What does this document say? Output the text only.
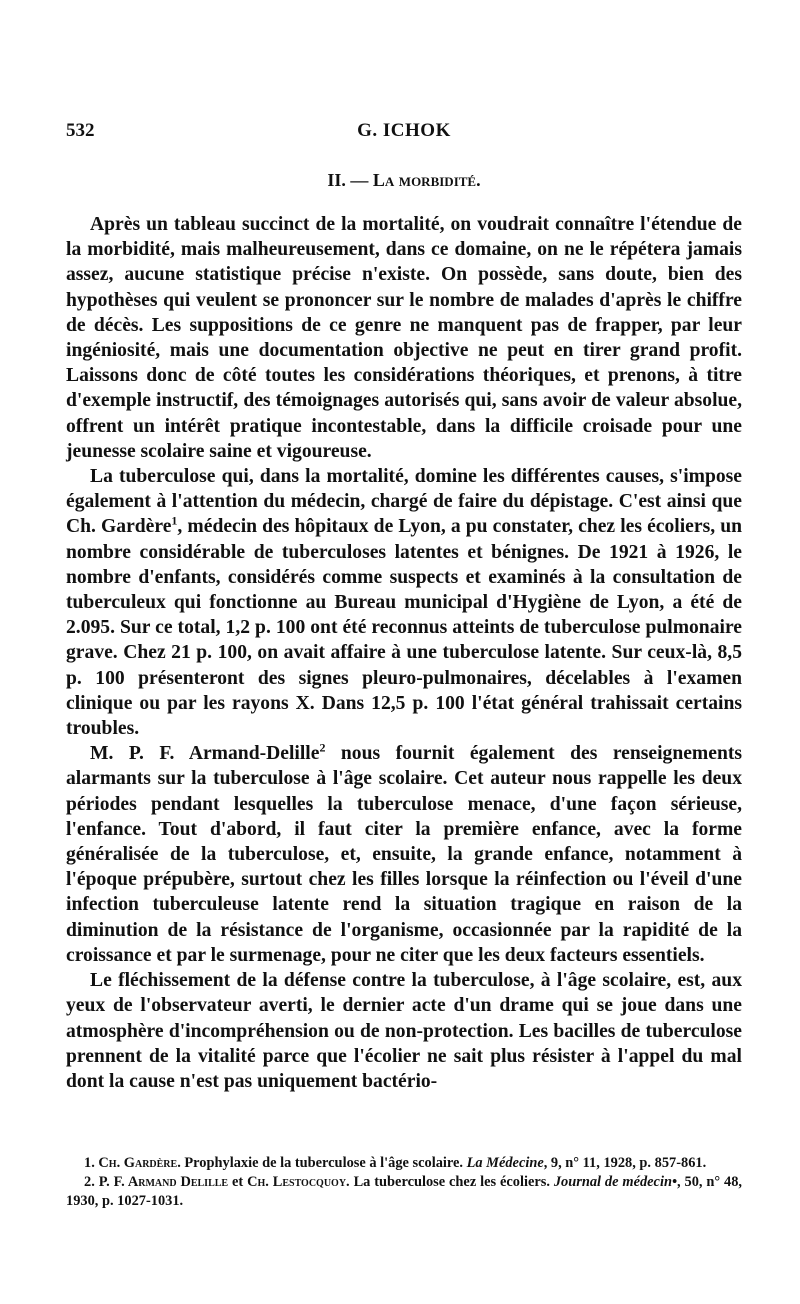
532	G. ICHOK
II. — La morbidité.

Après un tableau succinct de la mortalité, on voudrait connaître l'étendue de la morbidité, mais malheureusement, dans ce domaine, on ne le répétera jamais assez, aucune statistique précise n'existe. On possède, sans doute, bien des hypothèses qui veulent se prononcer sur le nombre de malades d'après le chiffre de décès. Les suppositions de ce genre ne manquent pas de frapper, par leur ingéniosité, mais une documentation objective ne peut en tirer grand profit. Laissons donc de côté toutes les considérations théoriques, et prenons, à titre d'exemple instructif, des témoignages autorisés qui, sans avoir de valeur absolue, offrent un intérêt pratique incontestable, dans la difficile croisade pour une jeunesse scolaire saine et vigoureuse.

La tuberculose qui, dans la mortalité, domine les différentes causes, s'impose également à l'attention du médecin, chargé de faire du dépistage. C'est ainsi que Ch. Gardère$^1$, médecin des hôpitaux de Lyon, a pu constater, chez les écoliers, un nombre considérable de tuberculoses latentes et bénignes. De 1921 à 1926, le nombre d'enfants, considérés comme suspects et examinés à la consultation de tuberculeux qui fonctionne au Bureau municipal d'Hygiène de Lyon, a été de 2.095. Sur ce total, 1,2 p. 100 ont été reconnus atteints de tuberculose pulmonaire grave. Chez 21 p. 100, on avait affaire à une tuberculose latente. Sur ceux-là, 8,5 p. 100 présenteront des signes pleuro-pulmonaires, décelables à l'examen clinique ou par les rayons X. Dans 12,5 p. 100 l'état général trahissait certains troubles.

M. P. F. Armand-Delille$^2$ nous fournit également des renseignements alarmants sur la tuberculose à l'âge scolaire. Cet auteur nous rappelle les deux périodes pendant lesquelles la tuberculose menace, d'une façon sérieuse, l'enfance. Tout d'abord, il faut citer la première enfance, avec la forme généralisée de la tuberculose, et, ensuite, la grande enfance, notamment à l'époque prépubère, surtout chez les filles lorsque la réinfection ou l'éveil d'une infection tuberculeuse latente rend la situation tragique en raison de la diminution de la résistance de l'organisme, occasionnée par la rapidité de la croissance et par le surmenage, pour ne citer que les deux facteurs essentiels.

Le fléchissement de la défense contre la tuberculose, à l'âge scolaire, est, aux yeux de l'observateur averti, le dernier acte d'un drame qui se joue dans une atmosphère d'incompréhension ou de non-protection. Les bacilles de tuberculose prennent de la vitalité parce que l'écolier ne sait plus résister à l'appel du mal dont la cause n'est pas uniquement bactério-

1. Ch. Gardère. Prophylaxie de la tuberculose à l'âge scolaire. La Médecine, 9, n° 11, 1928, p. 857-861.

2. P. F. Armand Delille et Ch. Lestocquoy. La tuberculose chez les écoliers. Journal de médecin•, 50, n° 48, 1930, p. 1027-1031.
